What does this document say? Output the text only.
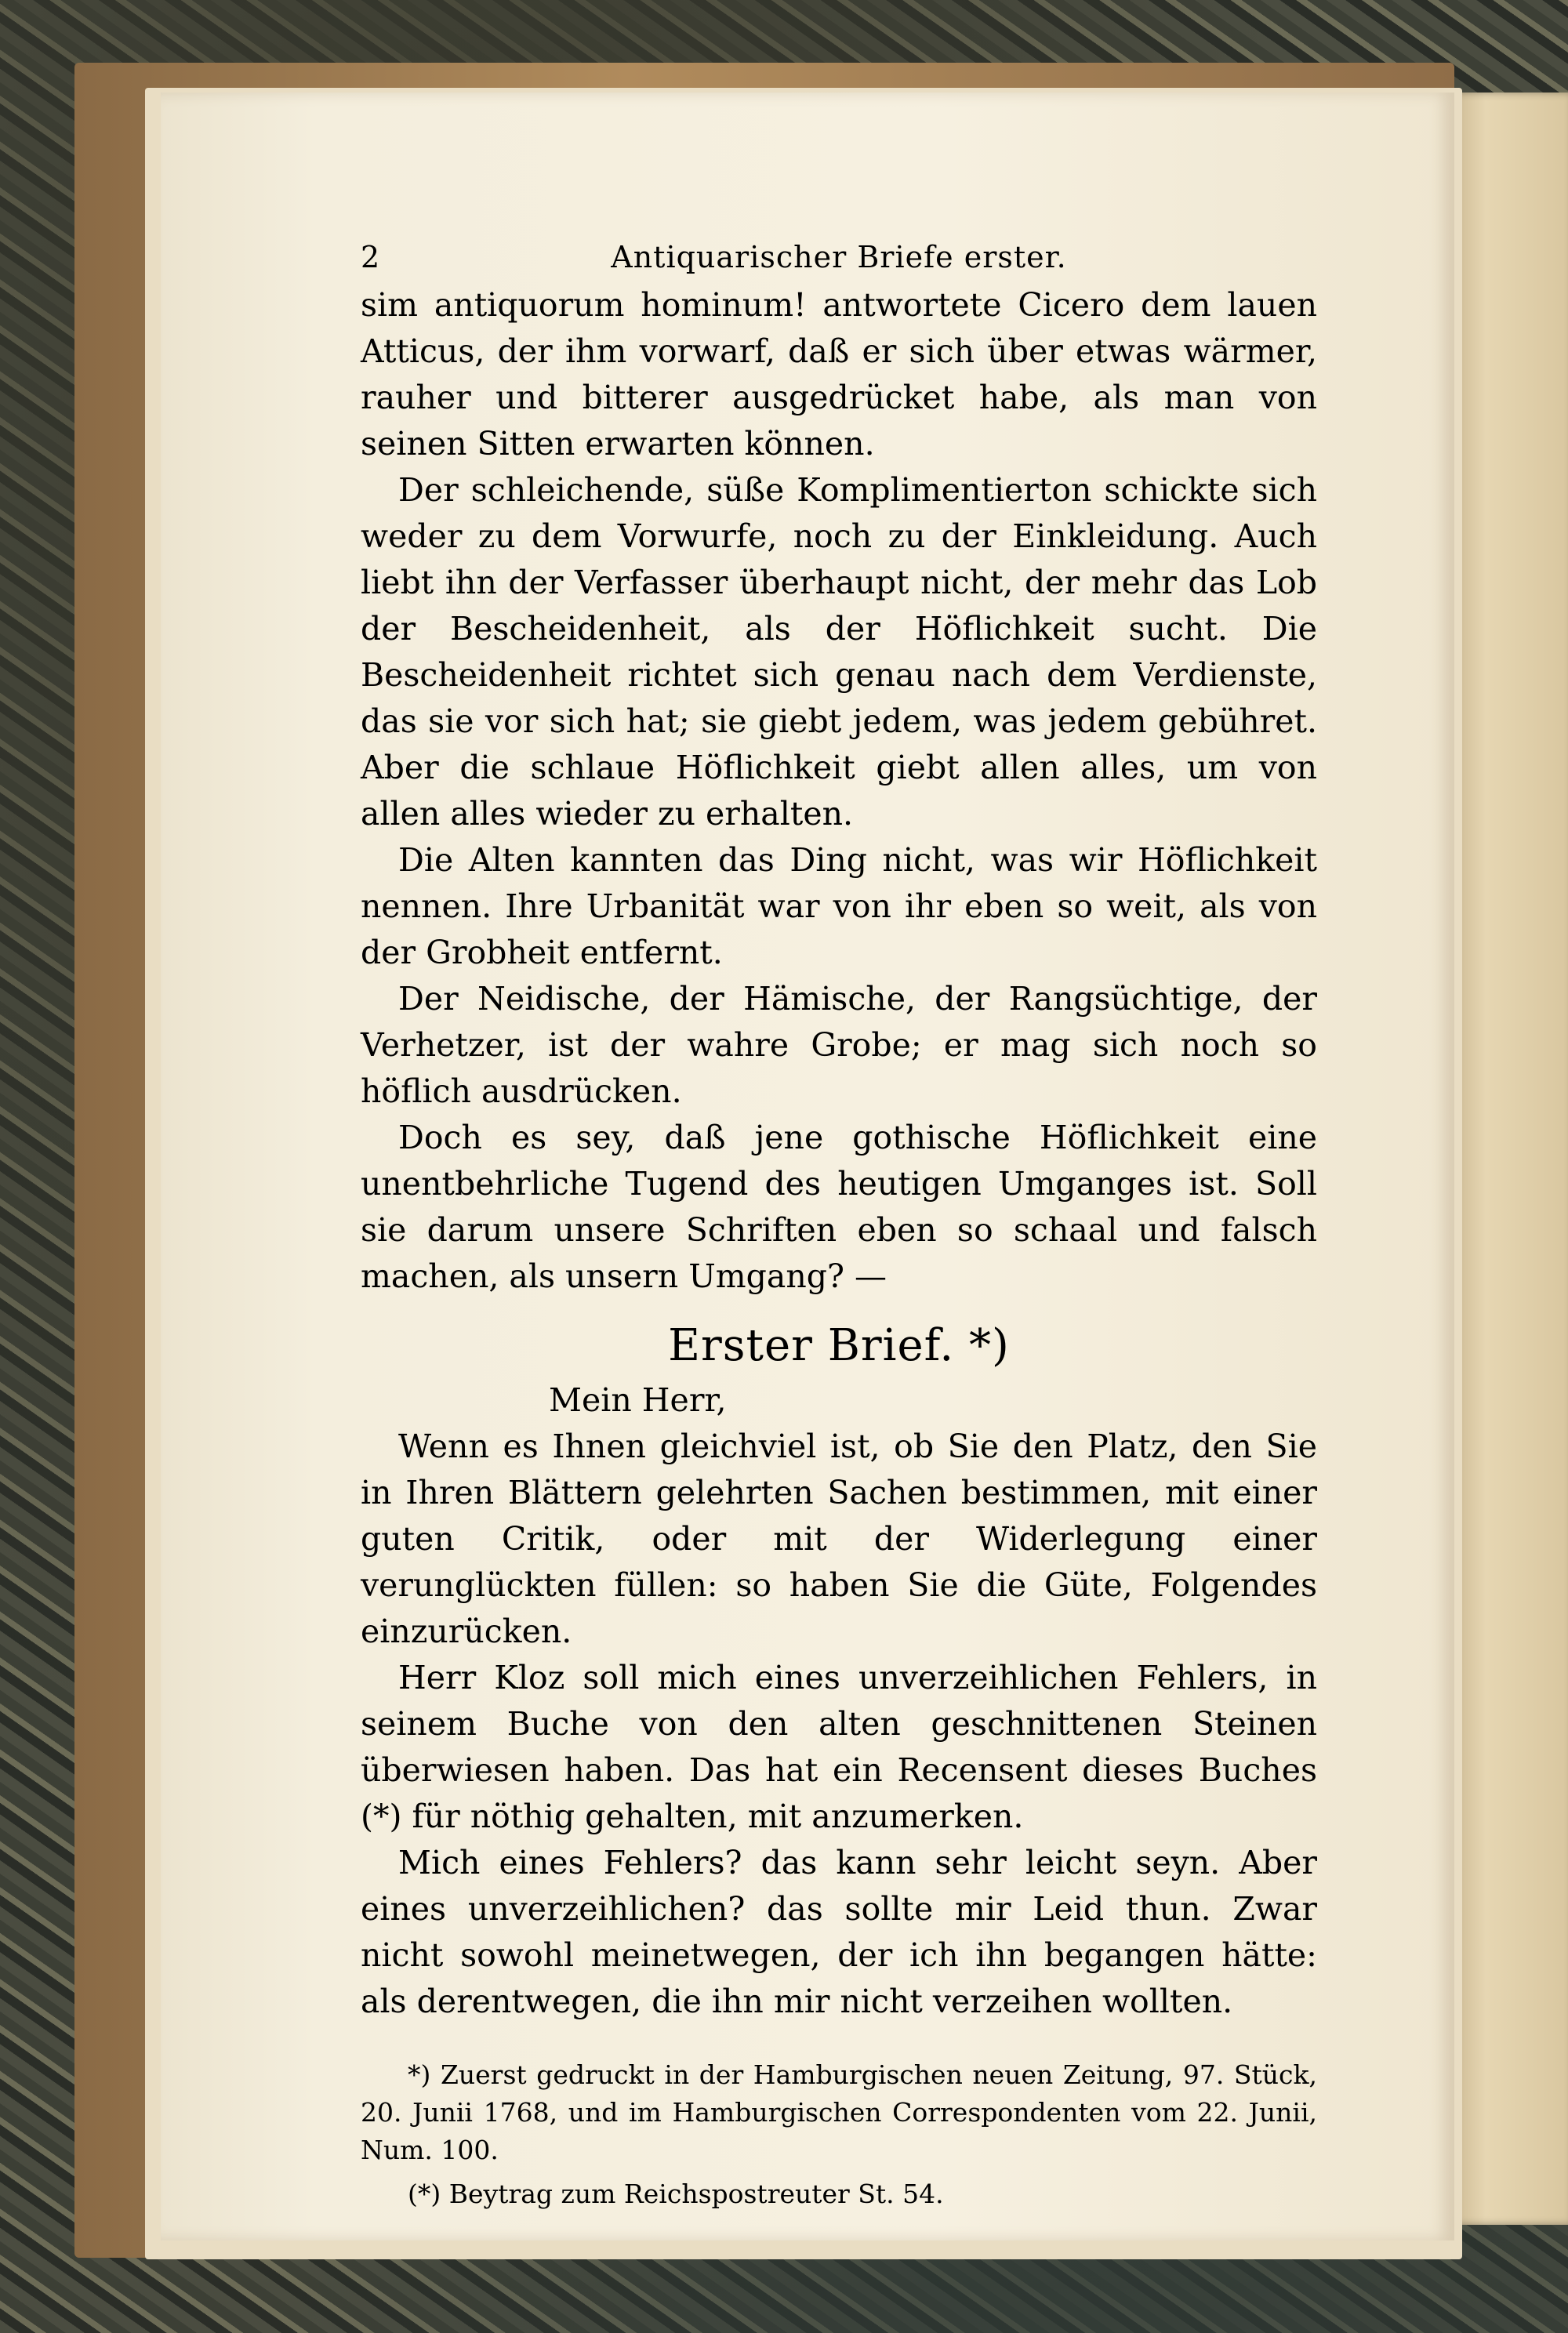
2	Antiquarischer Briefe erster.

sim antiquorum hominum! antwortete Cicero dem lauen Atticus, der ihm vorwarf, daß er sich über etwas wärmer, rauher und bitterer ausgedrücket habe, als man von seinen Sitten erwarten können.

Der schleichende, süße Komplimentierton schickte sich weder zu dem Vorwurfe, noch zu der Einkleidung. Auch liebt ihn der Verfasser überhaupt nicht, der mehr das Lob der Bescheidenheit, als der Höflichkeit sucht. Die Bescheidenheit richtet sich genau nach dem Verdienste, das sie vor sich hat; sie giebt jedem, was jedem gebühret. Aber die schlaue Höflichkeit giebt allen alles, um von allen alles wieder zu erhalten.

Die Alten kannten das Ding nicht, was wir Höflichkeit nennen. Ihre Urbanität war von ihr eben so weit, als von der Grobheit entfernt.

Der Neidische, der Hämische, der Rangsüchtige, der Verhetzer, ist der wahre Grobe; er mag sich noch so höflich ausdrücken.

Doch es sey, daß jene gothische Höflichkeit eine unentbehrliche Tugend des heutigen Umganges ist. Soll sie darum unsere Schriften eben so schaal und falsch machen, als unsern Umgang? —

Erster Brief. *)
Mein Herr,

Wenn es Ihnen gleichviel ist, ob Sie den Platz, den Sie in Ihren Blättern gelehrten Sachen bestimmen, mit einer guten Critik, oder mit der Widerlegung einer verunglückten füllen: so haben Sie die Güte, Folgendes einzurücken.

Herr Kloz soll mich eines unverzeihlichen Fehlers, in seinem Buche von den alten geschnittenen Steinen überwiesen haben. Das hat ein Recensent dieses Buches (*) für nöthig gehalten, mit anzumerken.

Mich eines Fehlers? das kann sehr leicht seyn. Aber eines unverzeihlichen? das sollte mir Leid thun. Zwar nicht sowohl meinetwegen, der ich ihn begangen hätte: als derentwegen, die ihn mir nicht verzeihen wollten.

*) Zuerst gedruckt in der Hamburgischen neuen Zeitung, 97. Stück, 20. Junii 1768, und im Hamburgischen Correspondenten vom 22. Junii, Num. 100.

(*) Beytrag zum Reichspostreuter St. 54.
